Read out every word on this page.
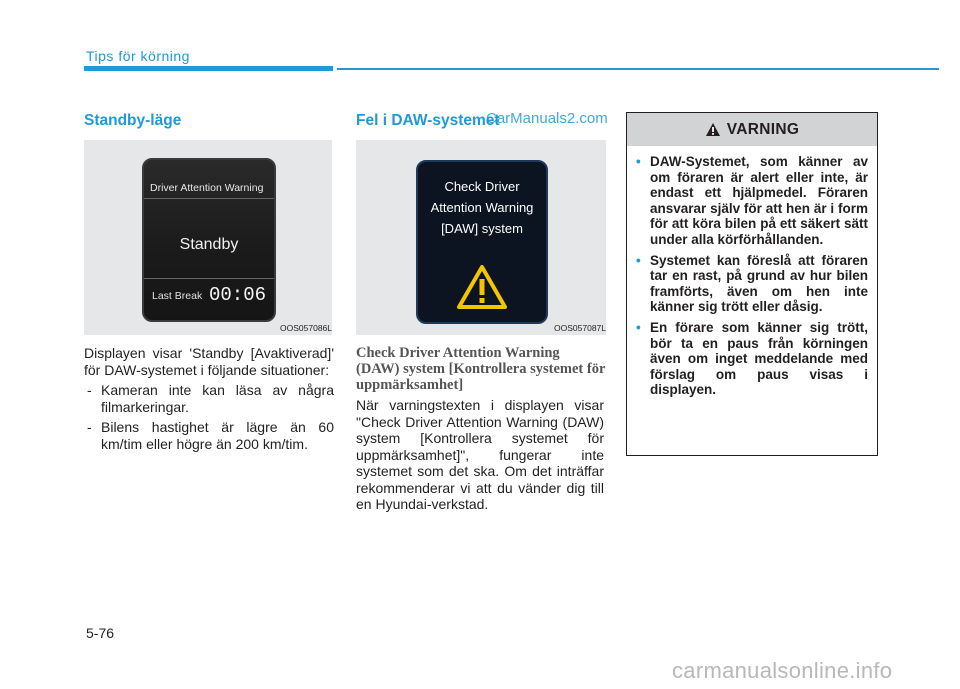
Tips för körning
Standby-läge
Driver Attention Warning
Standby
Last Break 00:06
OOS057086L

Displayen visar 'Standby [Avaktiverad]' för DAW-systemet i följande situationer:

- Kameran inte kan läsa av några filmarkeringar.
- Bilens hastighet är lägre än 60 km/tim eller högre än 200 km/tim.
Fel i DAW-systemet
CarManuals2.com
Check Driver
Attention Warning
[DAW] system
OOS057087L
Check Driver Attention Warning (DAW) system [Kontrollera systemet för uppmärksamhet]

När varningstexten i displayen visar "Check Driver Attention Warning (DAW) system [Kontrollera systemet för uppmärksamhet]", fungerar inte systemet som det ska. Om det inträffar rekommenderar vi att du vänder dig till en Hyundai-verkstad.

VARNING
• DAW-Systemet, som känner av om föraren är alert eller inte, är endast ett hjälpmedel. Föraren ansvarar själv för att hen är i form för att köra bilen på ett säkert sätt under alla körförhållanden.
• Systemet kan föreslå att föraren tar en rast, på grund av hur bilen framförts, även om hen inte känner sig trött eller dåsig.
• En förare som känner sig trött, bör ta en paus från körningen även om inget meddelande med förslag om paus visas i displayen.
5-76
carmanualsonline.info
